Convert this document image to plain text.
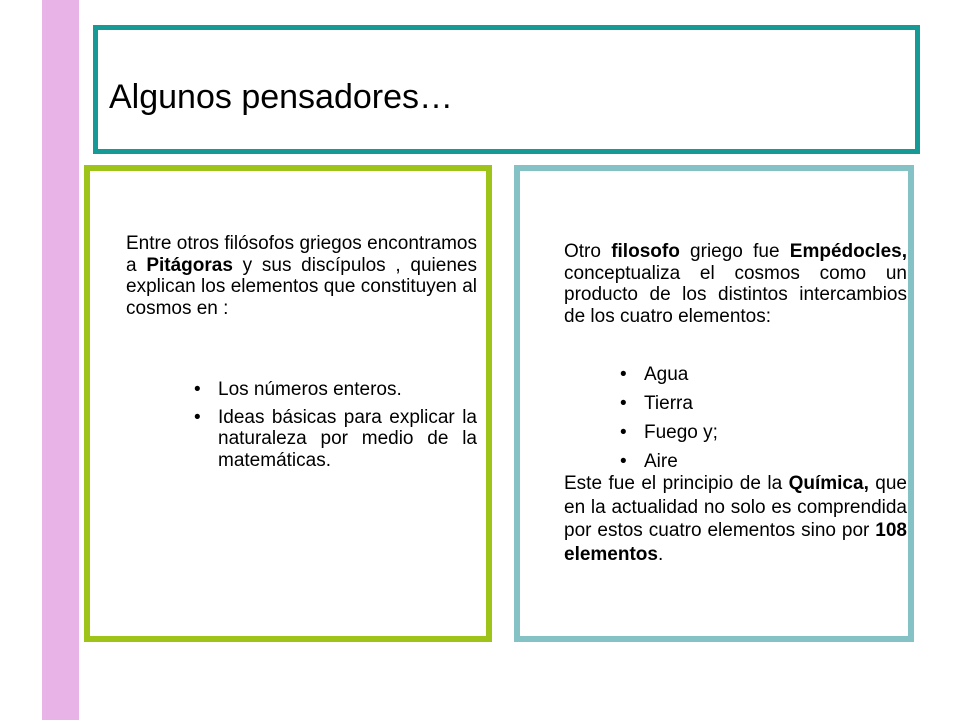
Algunos pensadores…
Entre otros filósofos griegos encontramos a Pitágoras y sus discípulos , quienes explican los elementos que constituyen al cosmos en :
• Los números enteros.
• Ideas básicas para explicar la naturaleza por medio de la matemáticas.
Otro filosofo griego fue Empédocles, conceptualiza el cosmos como un producto de los distintos intercambios de los cuatro elementos:
• Agua
• Tierra
• Fuego y;
• Aire
Este fue el principio de la Química, que en la actualidad no solo es comprendida por estos cuatro elementos sino por 108 elementos.
